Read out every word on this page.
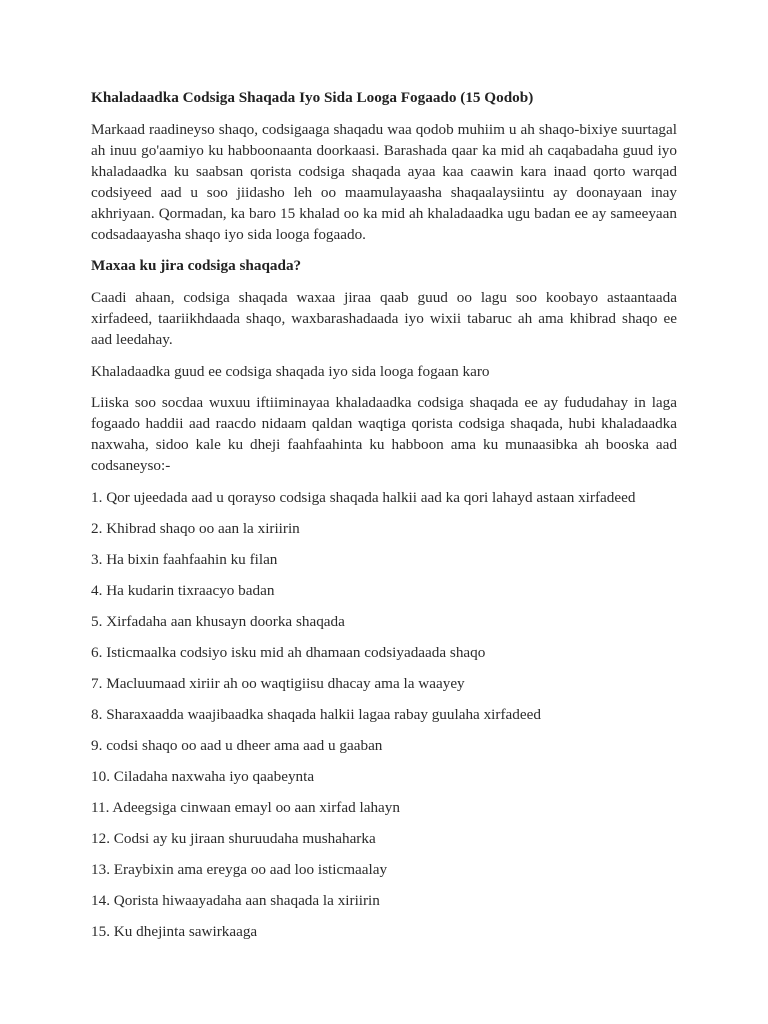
Khaladaadka Codsiga Shaqada Iyo Sida Looga Fogaado (15 Qodob)

Markaad raadineyso shaqo, codsigaaga shaqadu waa qodob muhiim u ah shaqo-bixiye suurtagal ah inuu go'aamiyo ku habboonaanta doorkaasi. Barashada qaar ka mid ah caqabadaha guud iyo khaladaadka ku saabsan qorista codsiga shaqada ayaa kaa caawin kara inaad qorto warqad codsiyeed aad u soo jiidasho leh oo maamulayaasha shaqaalaysiintu ay doonayaan inay akhriyaan. Qormadan, ka baro 15 khalad oo ka mid ah khaladaadka ugu badan ee ay sameeyaan codsadaayasha shaqo iyo sida looga fogaado.

Maxaa ku jira codsiga shaqada?

Caadi ahaan, codsiga shaqada waxaa jiraa qaab guud oo lagu soo koobayo astaantaada xirfadeed, taariikhdaada shaqo, waxbarashadaada iyo wixii tabaruc ah ama khibrad shaqo ee aad leedahay.

Khaladaadka guud ee codsiga shaqada iyo sida looga fogaan karo

Liiska soo socdaa wuxuu iftiiminayaa khaladaadka codsiga shaqada ee ay fududahay in laga fogaado haddii aad raacdo nidaam qaldan waqtiga qorista codsiga shaqada, hubi khaladaadka naxwaha, sidoo kale ku dheji faahfaahinta ku habboon ama ku munaasibka ah booska aad codsaneyso:-

1. Qor ujeedada aad u qorayso codsiga shaqada halkii aad ka qori lahayd astaan xirfadeed
2. Khibrad shaqo oo aan la xiriirin
3. Ha bixin faahfaahin ku filan
4. Ha kudarin tixraacyo badan
5. Xirfadaha aan khusayn doorka shaqada
6. Isticmaalka codsiyo isku mid ah dhamaan codsiyadaada shaqo
7. Macluumaad xiriir ah oo waqtigiisu dhacay ama la waayey
8. Sharaxaadda waajibaadka shaqada halkii lagaa rabay guulaha xirfadeed
9. codsi shaqo oo aad u dheer ama aad u gaaban
10. Ciladaha naxwaha iyo qaabeynta
11. Adeegsiga cinwaan emayl oo aan xirfad lahayn
12. Codsi ay ku jiraan shuruudaha mushaharka
13. Eraybixin ama ereyga oo aad loo isticmaalay
14. Qorista hiwaayadaha aan shaqada la xiriirin
15. Ku dhejinta sawirkaaga
